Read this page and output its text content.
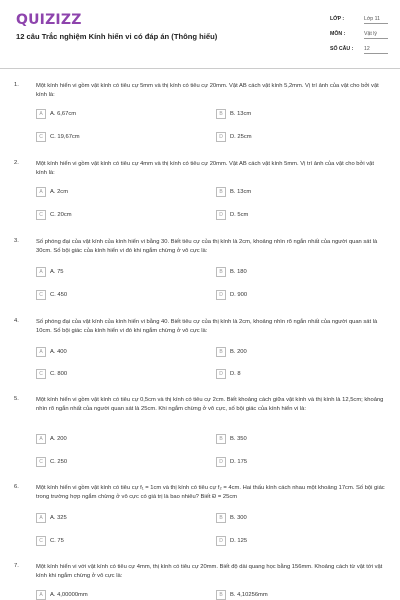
QUIZIZZ
12 câu Trắc nghiệm Kính hiển vi có đáp án (Thông hiểu)
LỚP :	Lớp 11
MÔN :	Vật lý
SỐ CÂU : 12
1.	Một kính hiển vi gồm vật kính có tiêu cự 5mm và thị kính có tiêu cự 20mm. Vật AB cách vật kính 5,2mm. Vị trí ảnh của vật cho bởi vật kính là:
A	A. 6,67cm	B	B. 13cm
C	C. 19,67cm	D	D. 25cm
2.	Một kính hiển vi gồm vật kính có tiêu cự 4mm và thị kính có tiêu cự 20mm. Vật AB cách vật kính 5mm. Vị trí ảnh của vật cho bởi vật kính là:
A	A. 2cm	B	B. 13cm
C	C. 20cm	D	D. 5cm
3.	Số phóng đại của vật kính của kính hiển vi bằng 30. Biết tiêu cự của thị kính là 2cm, khoảng nhìn rõ ngắn nhất của người quan sát là 30cm. Số bội giác của kính hiển vi đó khi ngắm chừng ở vô cực là:
A	A. 75	B	B. 180
C	C. 450	D	D. 900
4.	Số phóng đại của vật kính của kính hiển vi bằng 40. Biết tiêu cự của thị kính là 2cm, khoảng nhìn rõ ngắn nhất của người quan sát là 10cm. Số bội giác của kính hiển vi đó khi ngắm chừng ở vô cực là:
A	A. 400	B	B. 200
C	C. 800	D	D. 8
5.	Một kính hiển vi gồm vật kính có tiêu cự 0,5cm và thị kính có tiêu cự 2cm. Biết khoảng cách giữa vật kính và thị kính là 12,5cm; khoảng nhìn rõ ngắn nhất của người quan sát là 25cm. Khi ngắm chừng ở vô cực, số bội giác của kính hiển vi là:
A	A. 200	B	B. 350
C	C. 250	D	D. 175
6.	Một kính hiển vi gồm vật kính có tiêu cự f₁ = 1cm và thị kính có tiêu cự f₂ = 4cm. Hai thấu kính cách nhau một khoảng 17cm. Số bội giác trong trường hợp ngắm chừng ở vô cực có giá trị là bao nhiêu? Biết Đ = 25cm
A	A. 325	B	B. 300
C	C. 75	D	D. 125
7.	Một kính hiển vi với vật kính có tiêu cự 4mm, thị kính có tiêu cự 20mm. Biết độ dài quang học bằng 156mm. Khoảng cách từ vật tới vật kính khi ngắm chừng ở vô cực là:
A	A. 4,00000mm	B	B. 4,10256mm
